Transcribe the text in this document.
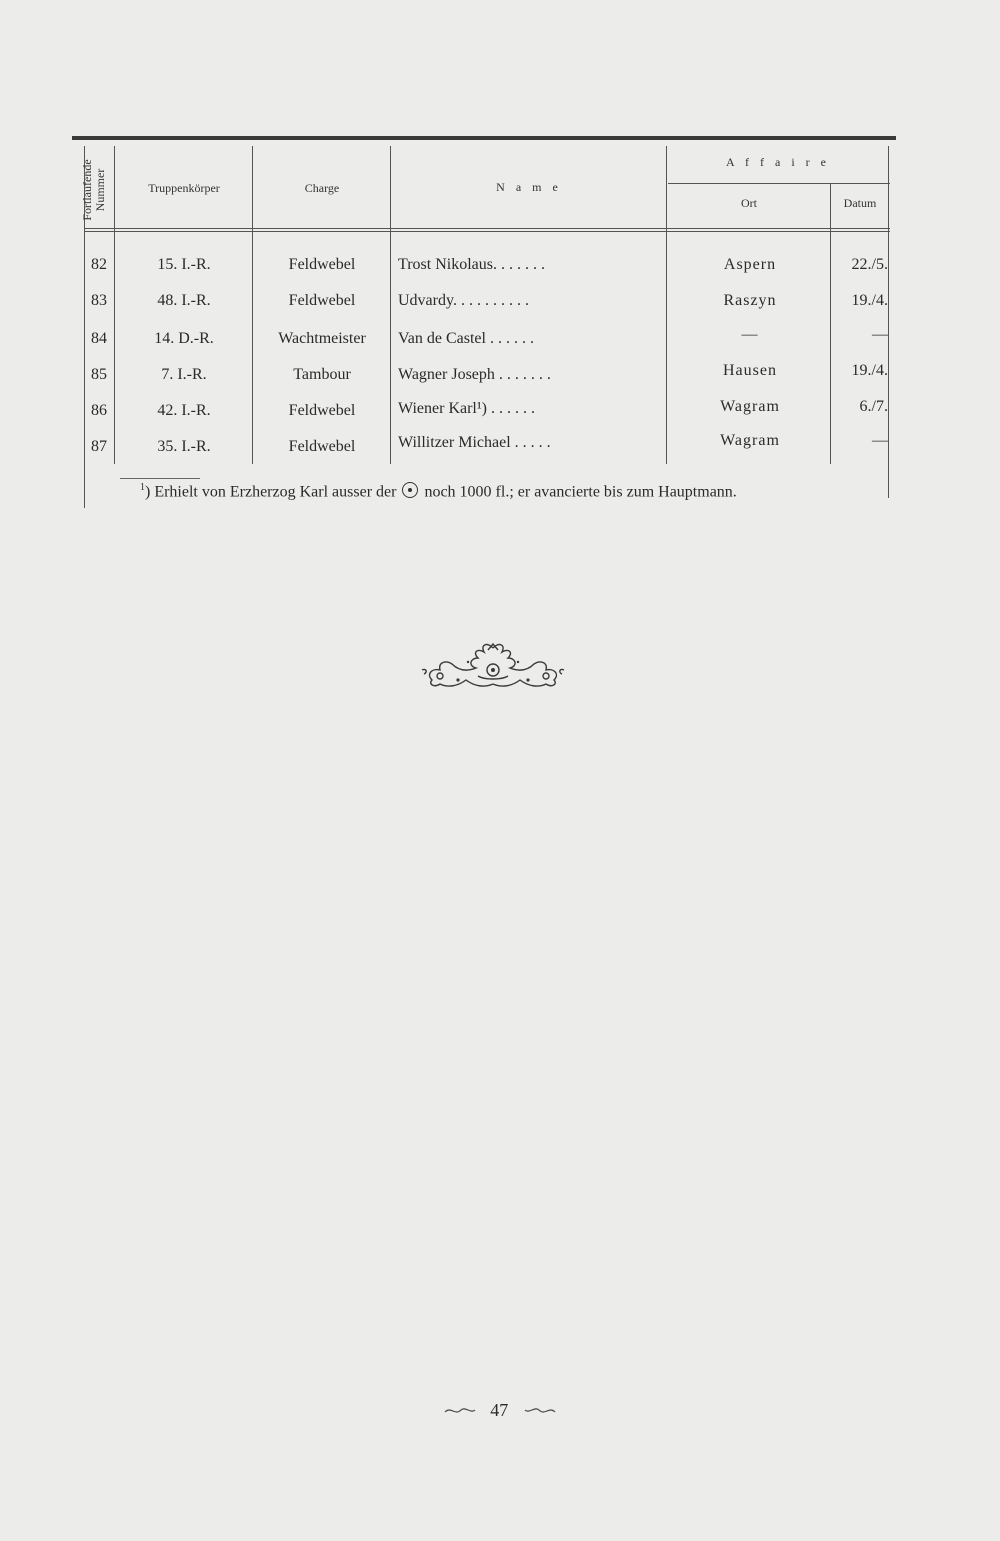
Fortlaufende Nummer	Truppenkörper	Charge	N a m e
A f f a i r e
Ort	Datum
82	15. I.-R.	Feldwebel	Trost Nikolaus. . . . . . .	Aspern	22./5.
83	48. I.-R.	Feldwebel	Udvardy. . . . . . . . . .	Raszyn	19./4.
84	14. D.-R.	Wachtmeister	Van de Castel . . . . . .	—	—
85	7. I.-R.	Tambour	Wagner Joseph . . . . . . .	Hausen	19./4.
86	42. I.-R.	Feldwebel	Wiener Karl¹) . . . . . .	Wagram	6./7.
87	35. I.-R.	Feldwebel	Willitzer Michael . . . . .	Wagram	—
$^1$) Erhielt von Erzherzog Karl ausser der noch 1000 fl.; er avancierte bis zum Hauptmann.
47
